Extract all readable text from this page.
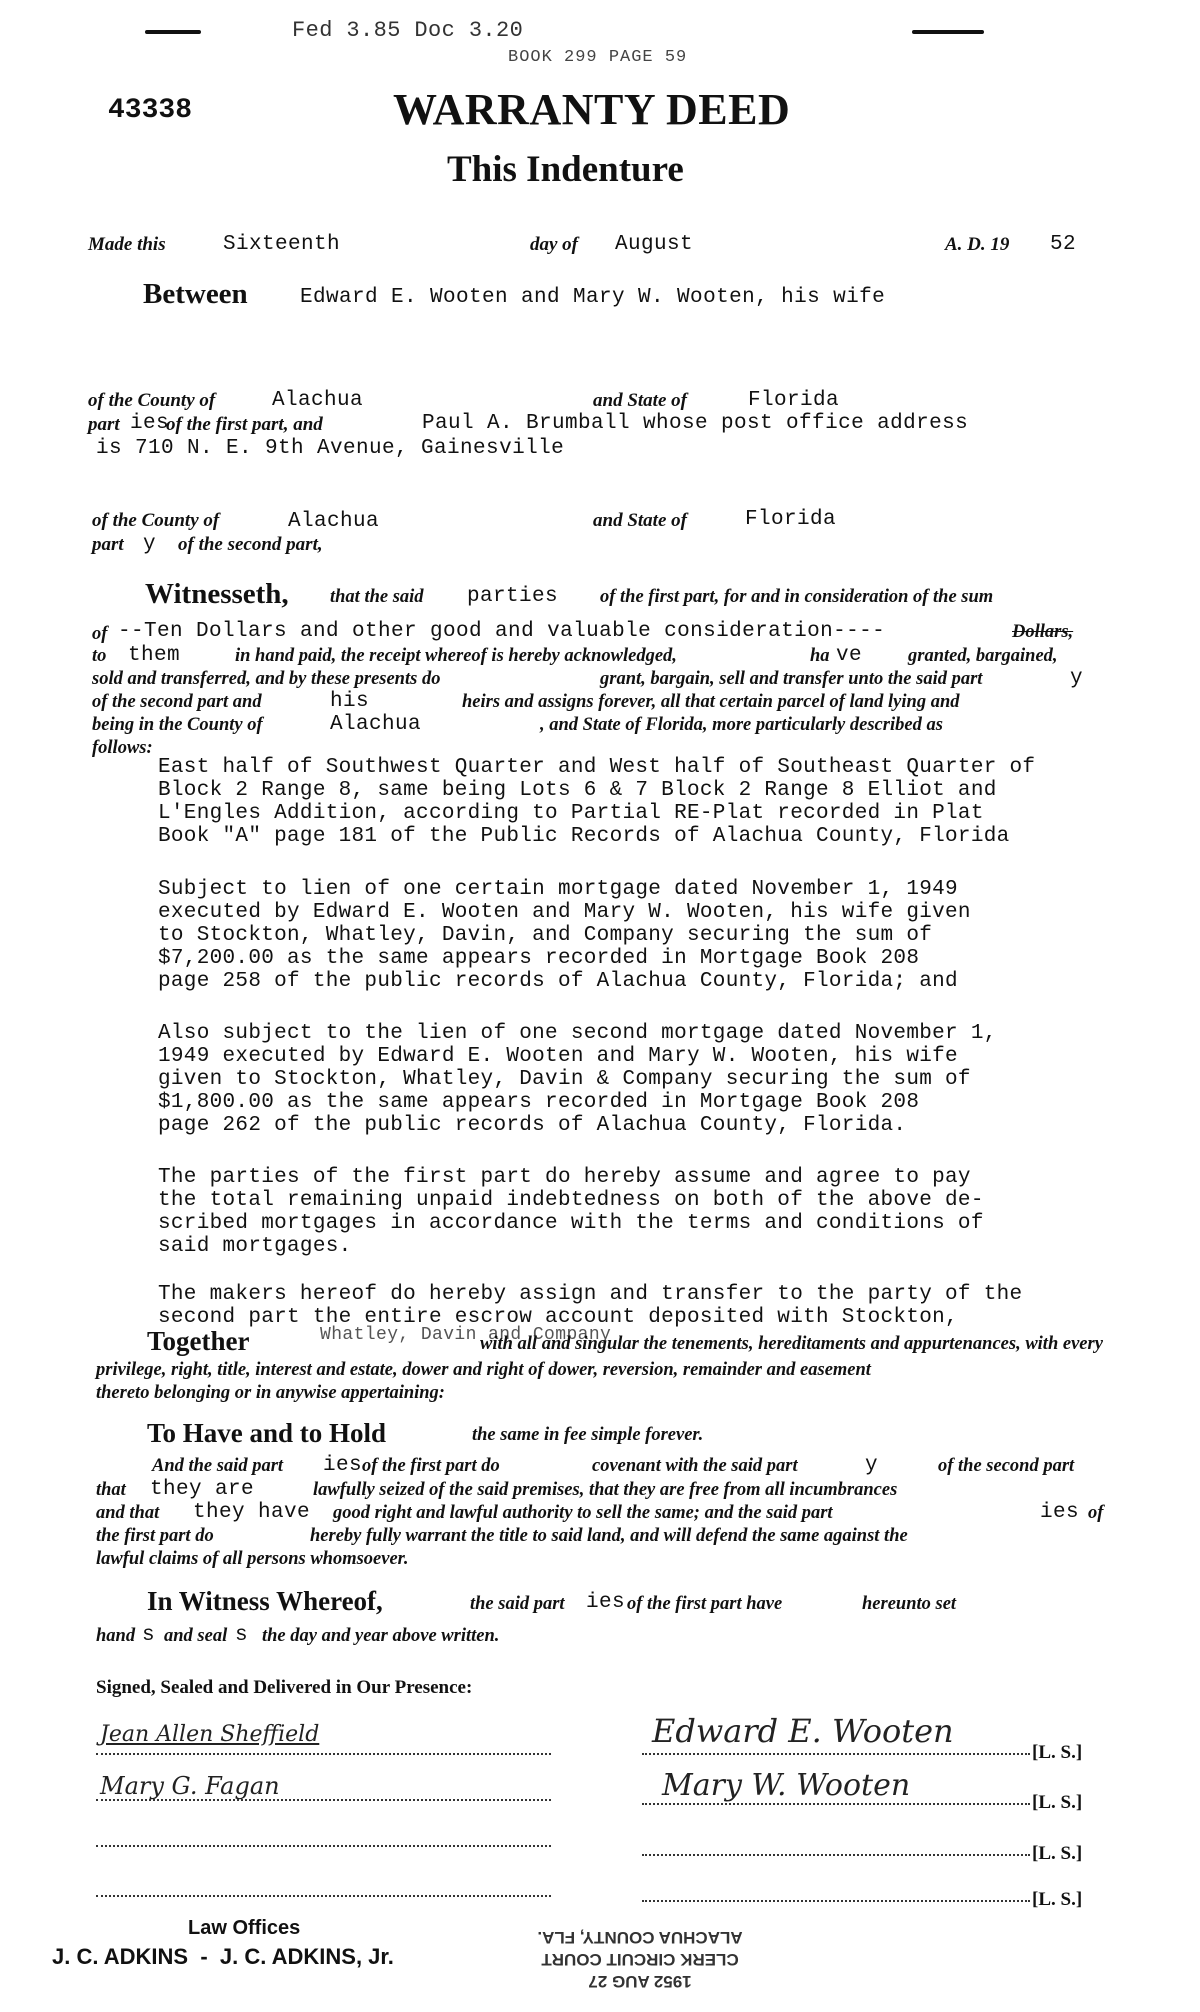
Fed 3.85 Doc 3.20
BOOK 299 PAGE 59
43338	WARRANTY DEED
This Indenture
Made this	Sixteenth	day of August	A. D. 19 52
Between Edward E. Wooten and Mary W. Wooten, his wife
of the County of	Alachua	and State of	Florida
part ies
of the first part, and	Paul A. Brumball whose post office address
is 710 N. E. 9th Avenue, Gainesville
of the County of	Alachua	and State of	Florida
part y of the second part,
Witnesseth, that the said parties of the first part, for and in consideration of the sum
of --Ten Dollars and other good and valuable consideration----	Dollars,
to them	in hand paid, the receipt whereof is hereby acknowledged,	ha ve granted, bargained,
sold and transferred, and by these presents do	grant, bargain, sell and transfer unto the said part	y
of the second part and	his	heirs and assigns forever, all that certain parcel of land lying and
being in the County of	Alachua	, and State of Florida, more particularly described as
follows:
East half of Southwest Quarter and West half of Southeast Quarter of
Block 2 Range 8, same being Lots 6 & 7 Block 2 Range 8 Elliot and
L'Engles Addition, according to Partial RE-Plat recorded in Plat
Book "A" page 181 of the Public Records of Alachua County, Florida
Subject to lien of one certain mortgage dated November 1, 1949
executed by Edward E. Wooten and Mary W. Wooten, his wife given
to Stockton, Whatley, Davin, and Company securing the sum of
$7,200.00 as the same appears recorded in Mortgage Book 208
page 258 of the public records of Alachua County, Florida; and
Also subject to the lien of one second mortgage dated November 1,
1949 executed by Edward E. Wooten and Mary W. Wooten, his wife
given to Stockton, Whatley, Davin & Company securing the sum of
$1,800.00 as the same appears recorded in Mortgage Book 208
page 262 of the public records of Alachua County, Florida.
The parties of the first part do hereby assume and agree to pay
the total remaining unpaid indebtedness on both of the above de-
scribed mortgages in accordance with the terms and conditions of
said mortgages.
The makers hereof do hereby assign and transfer to the party of the
second part the entire escrow account deposited with Stockton,
Whatley, Davin and Company
Together	with all and singular the tenements, hereditaments and appurtenances, with every
privilege, right, title, interest and estate, dower and right of dower, reversion, remainder and easement
thereto belonging or in anywise appertaining:
To Have and to Hold	the same in fee simple forever.
And the said part ies of the first part do	covenant with the said part	y	of the second part
that they are	lawfully seized of the said premises, that they are free from all incumbrances
and that they have good right and lawful authority to sell the same; and the said part	ies of
the first part do	hereby fully warrant the title to said land, and will defend the same against the
lawful claims of all persons whomsoever.
In Witness Whereof,	the said part ies of the first part have	hereunto set
hand s and seal s the day and year above written.
Signed, Sealed and Delivered in Our Presence:
Jean Allen Sheffield
Mary G. Fagan
Edward E. Wooten
[L. S.]
Mary W. Wooten	[L. S.]
[L. S.]
[L. S.]
Law Offices
J. C. ADKINS  -  J. C. ADKINS, Jr.
1952 AUG 27
CLERK CIRCUIT COURT
ALACHUA COUNTY, FLA.
